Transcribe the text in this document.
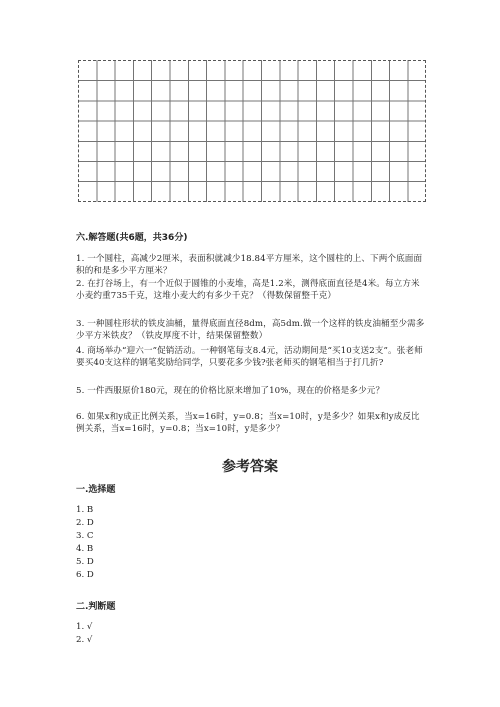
六.解答题(共6题，共36分)
1. 一个圆柱，高减少2厘米，表面积就减少18.84平方厘米，这个圆柱的上、下两个底面面积的和是多少平方厘米？
2. 在打谷场上，有一个近似于圆锥的小麦堆，高是1.2米，测得底面直径是4米。每立方米小麦约重735千克，这堆小麦大约有多少千克？（得数保留整千克）
3. 一种圆柱形状的铁皮油桶，量得底面直径8dm，高5dm.做一个这样的铁皮油桶至少需多少平方米铁皮？（铁皮厚度不计，结果保留整数）
4. 商场举办“迎六一”促销活动。一种钢笔每支8.4元，活动期间是“买10支送2支”。张老师要买40支这样的钢笔奖励给同学，只要花多少钱?张老师买的钢笔相当于打几折?
5. 一件西服原价180元，现在的价格比原来增加了10%，现在的价格是多少元？
6. 如果x和y成正比例关系，当x=16时，y=0.8；当x=10时，y是多少？如果x和y成反比例关系，当x=16时，y=0.8；当x=10时，y是多少？
参考答案
一.选择题
1. B
2. D
3. C
4. B
5. D
6. D
二.判断题
1. √
2. √
